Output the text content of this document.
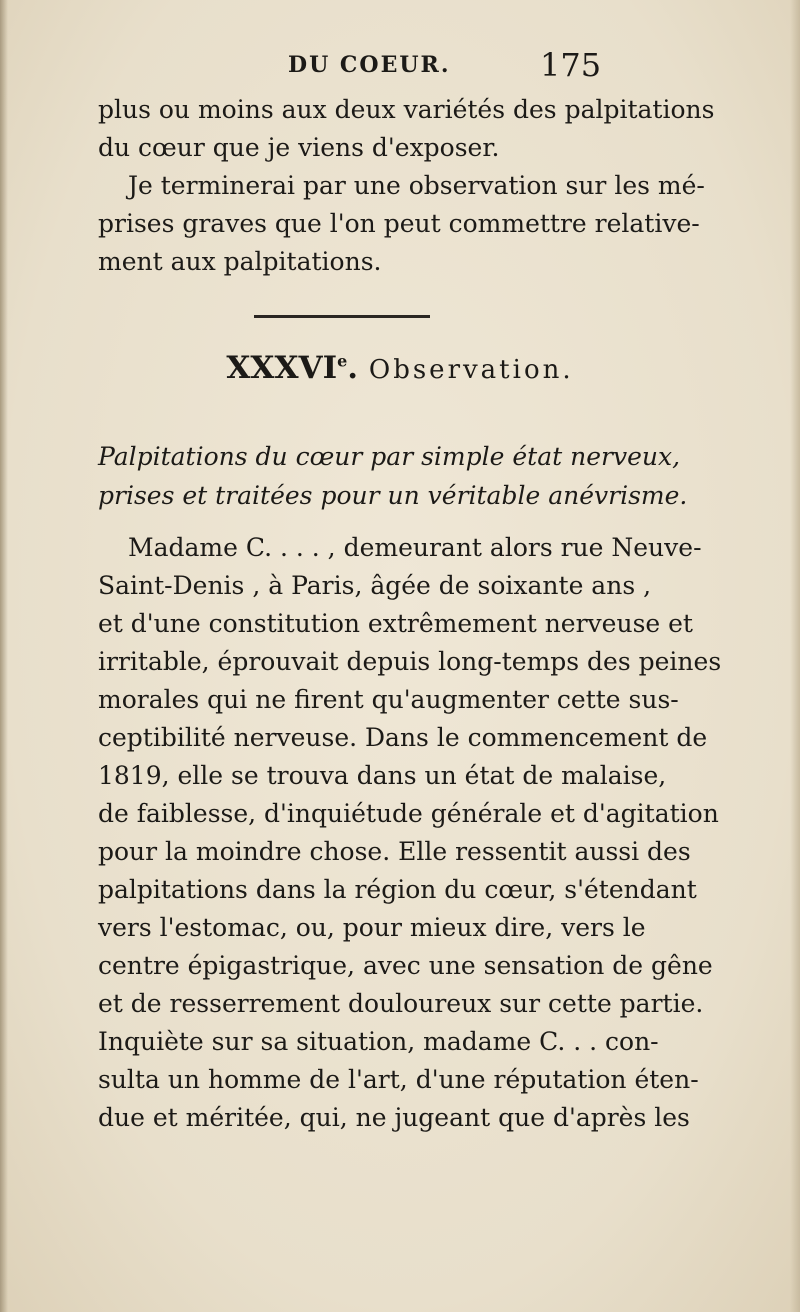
DU COEUR.	175
plus ou moins aux deux variétés des palpitations
du cœur que je viens d'exposer.
Je terminerai par une observation sur les mé-
prises graves que l'on peut commettre relative-
ment aux palpitations.
XXXVIe. Observation.
Palpitations du cœur par simple état nerveux,
prises et traitées pour un véritable anévrisme.
Madame C. . . . , demeurant alors rue Neuve-
Saint-Denis , à Paris, âgée de soixante ans ,
et d'une constitution extrêmement nerveuse et
irritable, éprouvait depuis long-temps des peines
morales qui ne firent qu'augmenter cette sus-
ceptibilité nerveuse. Dans le commencement de
1819, elle se trouva dans un état de malaise,
de faiblesse, d'inquiétude générale et d'agitation
pour la moindre chose. Elle ressentit aussi des
palpitations dans la région du cœur, s'étendant
vers l'estomac, ou, pour mieux dire, vers le
centre épigastrique, avec une sensation de gêne
et de resserrement douloureux sur cette partie.
Inquiète sur sa situation, madame C. . . con-
sulta un homme de l'art, d'une réputation éten-
due et méritée, qui, ne jugeant que d'après les
